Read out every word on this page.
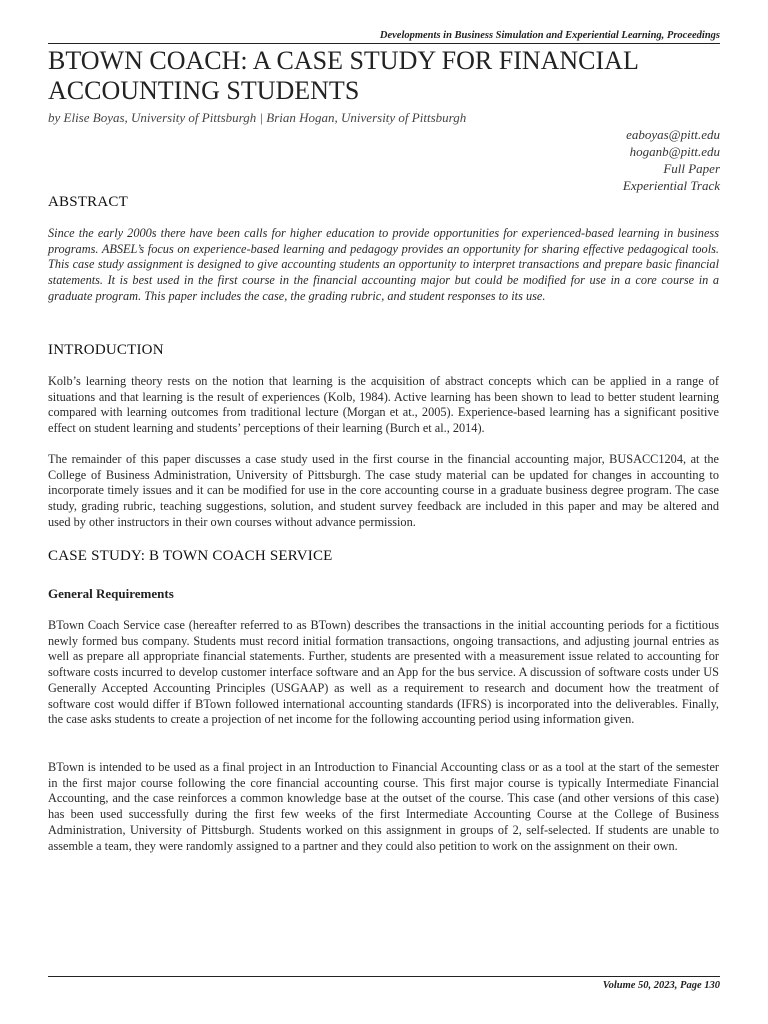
Developments in Business Simulation and Experiential Learning, Proceedings
BTOWN COACH: A CASE STUDY FOR FINANCIAL ACCOUNTING STUDENTS
by Elise Boyas, University of Pittsburgh | Brian Hogan, University of Pittsburgh
eaboyas@pitt.edu
hoganb@pitt.edu
Full Paper
Experiential Track
ABSTRACT

Since the early 2000s there have been calls for higher education to provide opportunities for experienced-based learning in business programs. ABSEL’s focus on experience-based learning and pedagogy provides an opportunity for sharing effective pedagogical tools. This case study assignment is designed to give accounting students an opportunity to interpret transactions and prepare basic financial statements. It is best used in the first course in the financial accounting major but could be modified for use in a core course in a graduate program. This paper includes the case, the grading rubric, and student responses to its use.

INTRODUCTION

Kolb’s learning theory rests on the notion that learning is the acquisition of abstract concepts which can be applied in a range of situations and that learning is the result of experiences (Kolb, 1984). Active learning has been shown to lead to better student learning compared with learning outcomes from traditional lecture (Morgan et at., 2005). Experience-based learning has a significant positive effect on student learning and students’ perceptions of their learning (Burch et al., 2014).

The remainder of this paper discusses a case study used in the first course in the financial accounting major, BUSACC1204, at the College of Business Administration, University of Pittsburgh. The case study material can be updated for changes in accounting to incorporate timely issues and it can be modified for use in the core accounting course in a graduate business degree program. The case study, grading rubric, teaching suggestions, solution, and student survey feedback are included in this paper and may be altered and used by other instructors in their own courses without advance permission.

CASE STUDY: B TOWN COACH SERVICE
General Requirements

BTown Coach Service case (hereafter referred to as BTown) describes the transactions in the initial accounting periods for a fictitious newly formed bus company. Students must record initial formation transactions, ongoing transactions, and adjusting journal entries as well as prepare all appropriate financial statements. Further, students are presented with a measurement issue related to accounting for software costs incurred to develop customer interface software and an App for the bus service. A discussion of software costs under US Generally Accepted Accounting Principles (USGAAP) as well as a requirement to research and document how the treatment of software cost would differ if BTown followed international accounting standards (IFRS) is incorporated into the deliverables. Finally, the case asks students to create a projection of net income for the following accounting period using information given.

BTown is intended to be used as a final project in an Introduction to Financial Accounting class or as a tool at the start of the semester in the first major course following the core financial accounting course. This first major course is typically Intermediate Financial Accounting, and the case reinforces a common knowledge base at the outset of the course. This case (and other versions of this case) has been used successfully during the first few weeks of the first Intermediate Accounting Course at the College of Business Administration, University of Pittsburgh. Students worked on this assignment in groups of 2, self-selected. If students are unable to assemble a team, they were randomly assigned to a partner and they could also petition to work on the assignment on their own.

Volume 50, 2023, Page 130
